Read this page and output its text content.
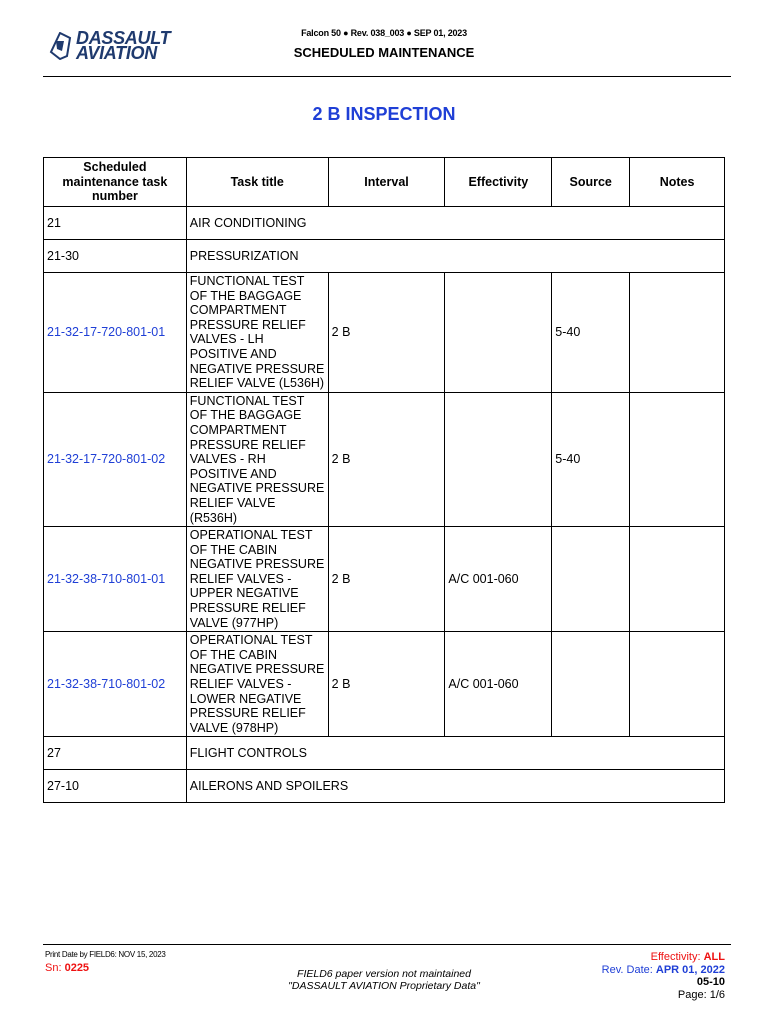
DASSAULT
AVIATION
Falcon 50 ● Rev. 038_003 ● SEP 01, 2023
SCHEDULED MAINTENANCE
2 B INSPECTION
Scheduled maintenance task number	Task title	Interval	Effectivity	Source	Notes
21	AIR CONDITIONING				
21-30	PRESSURIZATION				
21-32-17-720-801-01	FUNCTIONAL TEST OF THE BAGGAGE COMPARTMENT PRESSURE RELIEF VALVES - LH POSITIVE AND NEGATIVE PRESSURE RELIEF VALVE (L536H)	2 B		5-40	
21-32-17-720-801-02	FUNCTIONAL TEST OF THE BAGGAGE COMPARTMENT PRESSURE RELIEF VALVES - RH POSITIVE AND NEGATIVE PRESSURE RELIEF VALVE (R536H)	2 B		5-40	
21-32-38-710-801-01	OPERATIONAL TEST OF THE CABIN NEGATIVE PRESSURE RELIEF VALVES - UPPER NEGATIVE PRESSURE RELIEF VALVE (977HP)	2 B	A/C 001-060		
21-32-38-710-801-02	OPERATIONAL TEST OF THE CABIN NEGATIVE PRESSURE RELIEF VALVES - LOWER NEGATIVE PRESSURE RELIEF VALVE (978HP)	2 B	A/C 001-060		
27	FLIGHT CONTROLS				
27-10	AILERONS AND SPOILERS				
Print Date by FIELD6: NOV 15, 2023
Sn: 0225	FIELD6 paper version not maintained
"DASSAULT AVIATION Proprietary Data"
Effectivity: ALL
Rev. Date: APR 01, 2022
05-10
Page: 1/6
